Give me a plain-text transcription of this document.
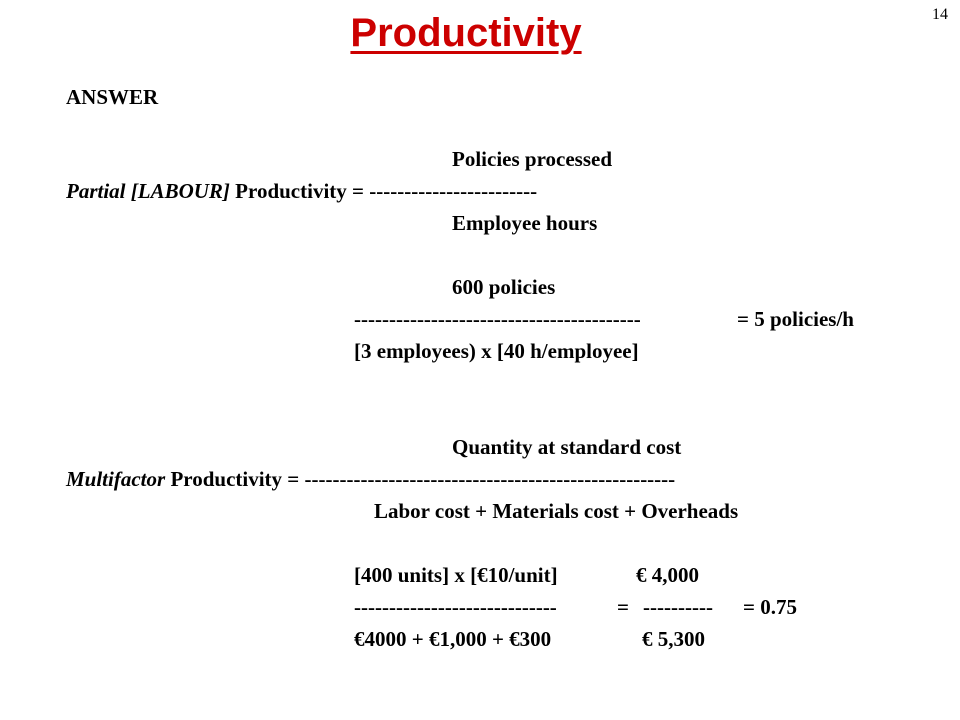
Productivity	14
ANSWER
Policies processed
Partial [LABOUR] Productivity = ------------------------
Employee hours
600 policies
-----------------------------------------	= 5 policies/h
[3 employees) x [40 h/employee]
Quantity at standard cost
Multifactor Productivity = -----------------------------------------------------
Labor cost + Materials cost + Overheads
[400 units] x [€10/unit]	€ 4,000
-----------------------------	= ---------- = 0.75
€4000 + €1,000 + €300	€ 5,300
